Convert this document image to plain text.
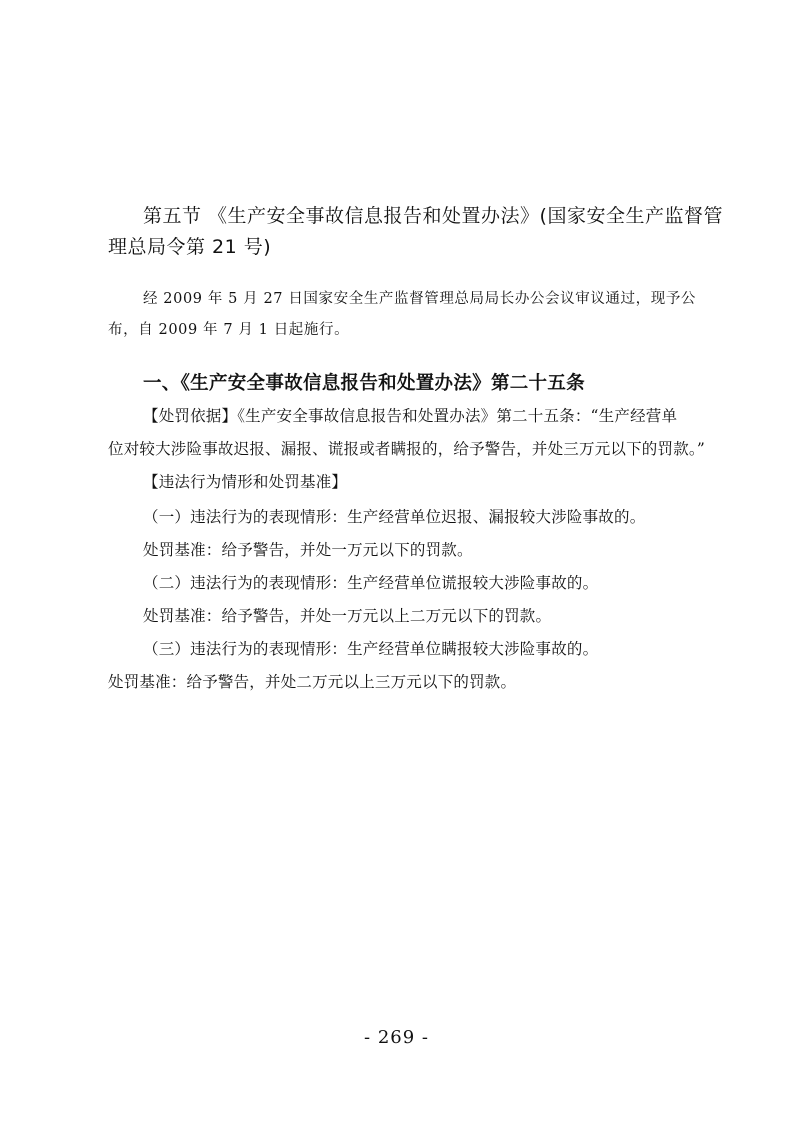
第五节 《生产安全事故信息报告和处置办法》(国家安全生产监督管
理总局令第 21 号)
经 2009 年 5 月 27 日国家安全生产监督管理总局局长办公会议审议通过，现予公
布，自 2009 年 7 月 1 日起施行。
一、《生产安全事故信息报告和处置办法》第二十五条
【处罚依据】《生产安全事故信息报告和处置办法》第二十五条：“生产经营单
位对较大涉险事故迟报、漏报、谎报或者瞒报的，给予警告，并处三万元以下的罚款。”
【违法行为情形和处罚基准】
（一）违法行为的表现情形：生产经营单位迟报、漏报较大涉险事故的。
处罚基准：给予警告，并处一万元以下的罚款。
（二）违法行为的表现情形：生产经营单位谎报较大涉险事故的。
处罚基准：给予警告，并处一万元以上二万元以下的罚款。
（三）违法行为的表现情形：生产经营单位瞒报较大涉险事故的。
处罚基准：给予警告，并处二万元以上三万元以下的罚款。
- 269 -
